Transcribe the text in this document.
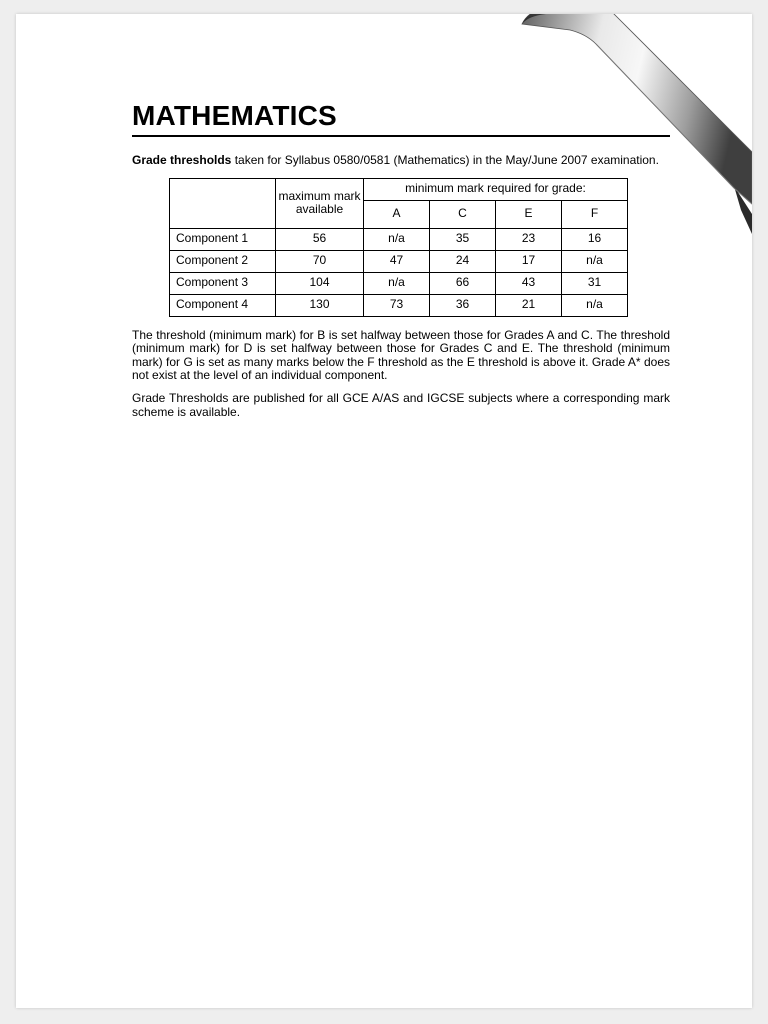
MATHEMATICS

Grade thresholds taken for Syllabus 0580/0581 (Mathematics) in the May/June 2007 examination.

	maximum mark available	minimum mark required for grade:			
		A	C	E	F
Component 1	56	n/a	35	23	16
Component 2	70	47	24	17	n/a
Component 3	104	n/a	66	43	31
Component 4	130	73	36	21	n/a

The threshold (minimum mark) for B is set halfway between those for Grades A and C. The threshold (minimum mark) for D is set halfway between those for Grades C and E. The threshold (minimum mark) for G is set as many marks below the F threshold as the E threshold is above it. Grade A* does not exist at the level of an individual component.

Grade Thresholds are published for all GCE A/AS and IGCSE subjects where a corresponding mark scheme is available.
